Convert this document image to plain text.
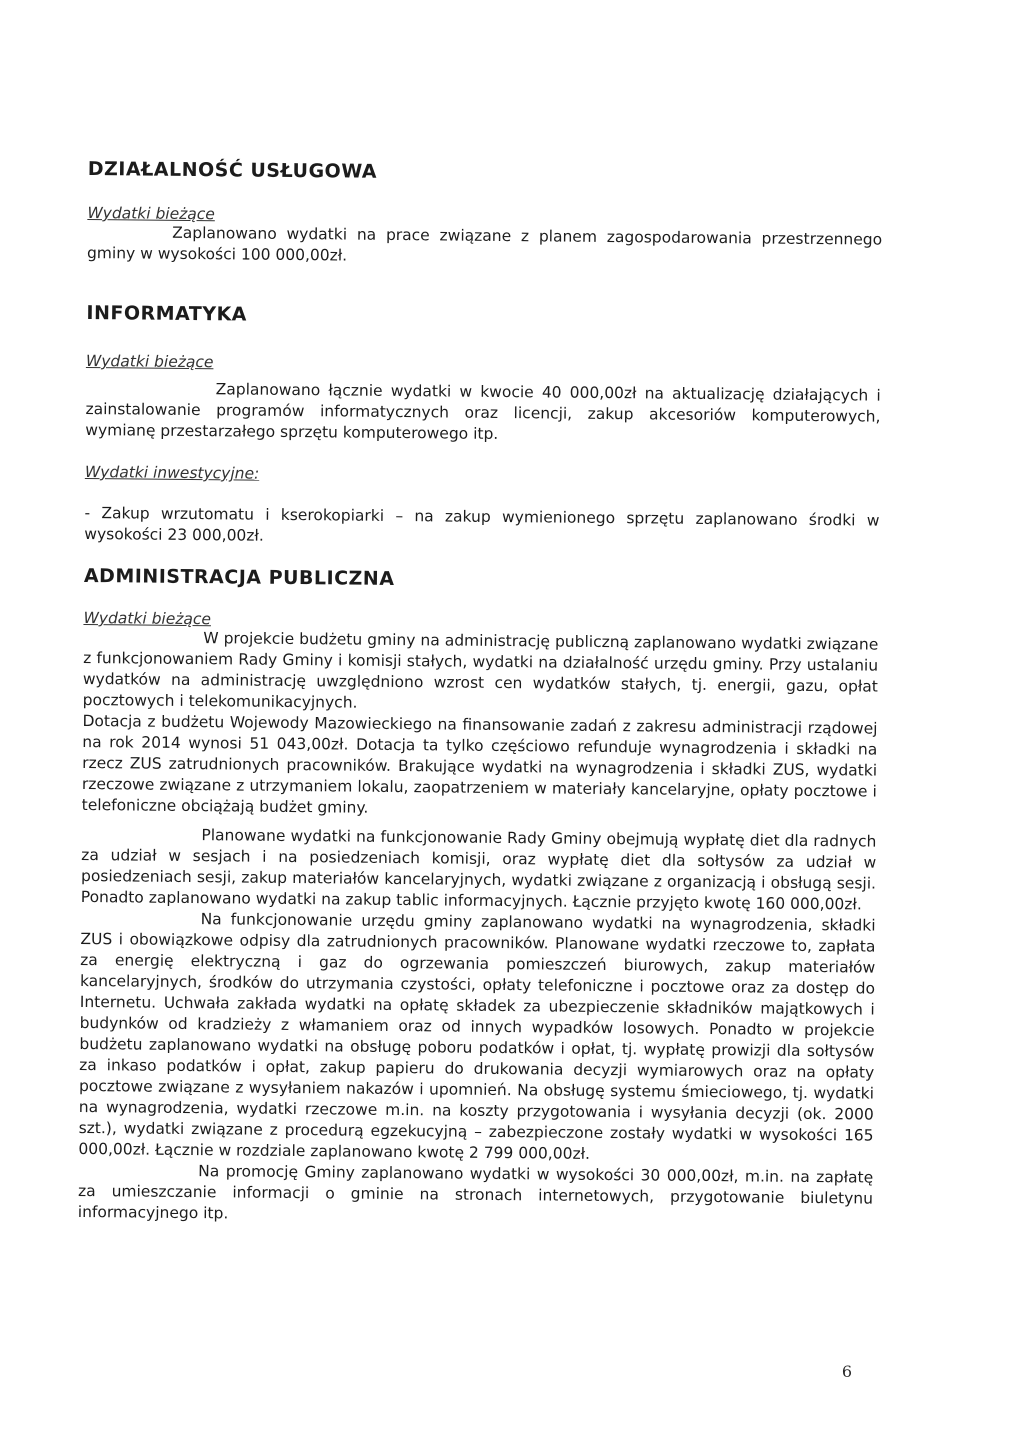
DZIAŁALNOŚĆ USŁUGOWA

Wydatki bieżące

Zaplanowano wydatki na prace związane z planem zagospodarowania przestrzennego gminy w wysokości 100 000,00zł.

INFORMATYKA

Wydatki bieżące

Zaplanowano łącznie wydatki w kwocie 40 000,00zł na aktualizację działających i zainstalowanie programów informatycznych oraz licencji, zakup akcesoriów komputerowych, wymianę przestarzałego sprzętu komputerowego itp.

Wydatki inwestycyjne:

- Zakup wrzutomatu i kserokopiarki – na zakup wymienionego sprzętu zaplanowano środki w wysokości 23 000,00zł.

ADMINISTRACJA PUBLICZNA

Wydatki bieżące

W projekcie budżetu gminy na administrację publiczną zaplanowano wydatki związane z funkcjonowaniem Rady Gminy i komisji stałych, wydatki na działalność urzędu gminy. Przy ustalaniu wydatków na administrację uwzględniono wzrost cen wydatków stałych, tj. energii, gazu, opłat pocztowych i telekomunikacyjnych.

Dotacja z budżetu Wojewody Mazowieckiego na finansowanie zadań z zakresu administracji rządowej na rok 2014 wynosi 51 043,00zł. Dotacja ta tylko częściowo refunduje wynagrodzenia i składki na rzecz ZUS zatrudnionych pracowników. Brakujące wydatki na wynagrodzenia i składki ZUS, wydatki rzeczowe związane z utrzymaniem lokalu, zaopatrzeniem w materiały kancelaryjne, opłaty pocztowe i telefoniczne obciążają budżet gminy.

Planowane wydatki na funkcjonowanie Rady Gminy obejmują wypłatę diet dla radnych za udział w sesjach i na posiedzeniach komisji, oraz wypłatę diet dla sołtysów za udział w posiedzeniach sesji, zakup materiałów kancelaryjnych, wydatki związane z organizacją i obsługą sesji. Ponadto zaplanowano wydatki na zakup tablic informacyjnych. Łącznie przyjęto kwotę 160 000,00zł.

Na funkcjonowanie urzędu gminy zaplanowano wydatki na wynagrodzenia, składki ZUS i obowiązkowe odpisy dla zatrudnionych pracowników. Planowane wydatki rzeczowe to, zapłata za energię elektryczną i gaz do ogrzewania pomieszczeń biurowych, zakup materiałów kancelaryjnych, środków do utrzymania czystości, opłaty telefoniczne i pocztowe oraz za dostęp do Internetu. Uchwała zakłada wydatki na opłatę składek za ubezpieczenie składników majątkowych i budynków od kradzieży z włamaniem oraz od innych wypadków losowych. Ponadto w projekcie budżetu zaplanowano wydatki na obsługę poboru podatków i opłat, tj. wypłatę prowizji dla sołtysów za inkaso podatków i opłat, zakup papieru do drukowania decyzji wymiarowych oraz na opłaty pocztowe związane z wysyłaniem nakazów i upomnień. Na obsługę systemu śmieciowego, tj. wydatki na wynagrodzenia, wydatki rzeczowe m.in. na koszty przygotowania i wysyłania decyzji (ok. 2000 szt.), wydatki związane z procedurą egzekucyjną – zabezpieczone zostały wydatki w wysokości 165 000,00zł. Łącznie w rozdziale zaplanowano kwotę 2 799 000,00zł.

Na promocję Gminy zaplanowano wydatki w wysokości 30 000,00zł, m.in. na zapłatę za umieszczanie informacji o gminie na stronach internetowych, przygotowanie biuletynu informacyjnego itp.

6
